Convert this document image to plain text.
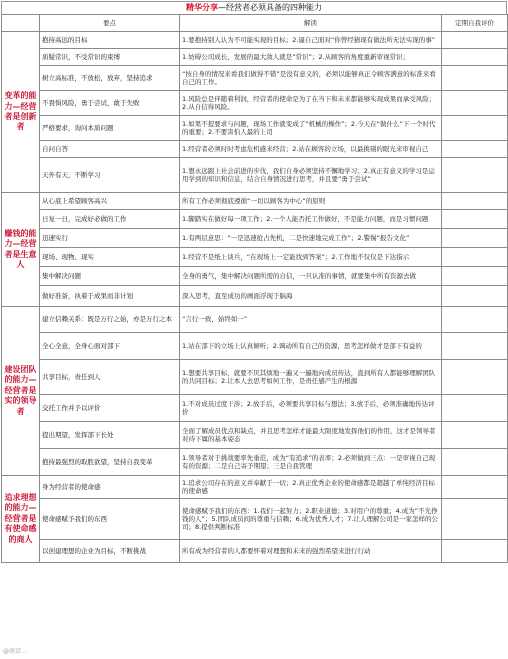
精华分享—经营者必须具备的四种能力
	要点	解读	定期自我评价
变革的能力—经营者是创新者	抱持高远的目标	1.要抱持别人认为不可能实现的目标；2.逼自己面对“你曾经猜现有做法所无法实现的事”	
	质疑常识，不受常识的束缚	1.妨碍公司成长、发展的最大敌人就是”常识”；2.从顾客的角度重新审视常识；	
	树立高标准，不放松，放弃，坚持追求	“按自身的情况来看我们做得不错”是没有意义的，必须以能够真正令顾客满意的标准来看自己的工作。	
	不畏惧风险，勇于尝试，敢于失败	1.风险总是伴随着利润，经营者的使命是为了在当下和未来都能够实现成果而承受风险；2.从自信得风险。	
	严格要求，询问本质问题	1.如果不提要求与问题，现场工作就变成了“机械的操作”；2.今天在“做什么”下一个时代的重要；2.不要害怕人最的上司	
	自问自答	1.经营者必须时时考虑危机感来经营；2.站在顾客的立场，以最挑剔的眼光来审视自己	
	天外有天，不断学习	1.想永远跟上社会前进的步伐，我们自身必须坚持不懈地学习；2.真正有意义的学习是运用学到的知识和信息，结合自身情况进行思考，并且要“勇于尝试”	
赚钱的能力—经营者是生意人	从心底上希望顾客高兴	所有工作必须彻底遵循“一切以顾客为中心”的原则	
	日复一日，完成好必做的工作	1.脚踏实在做好每一项工作；2.一个人能否托工作做好，不是能力问题，而是习惯问题	
	迅速实行	1.有两层意思：“一是迅速抢占先机，二是快速地完成工作”；2.警惕“报告文化”	
	现场、现物、现实	1.经营不是纸上谈兵，“在现场上一定能找到答案”；2.工作地不仅仅是下达指示	
	集中解决问题	全身的勇气，集中解决问题所需的自信，一旦认准的事情，就要集中所有资源去做	
	做好准备，执着于成果而非计划	深入思考，直至成功的画面浮现于脑海	
建设团队的能力—经营者是实的领导者	建立信赖关系：既是万行之始，亦是万行之本	“言行一致，始终如一”	
	全心全意，全身心面对部下	1.站在部下的立场上认真倾听；2.调动所有自己的资源，思考怎样做才是部下有益的	
	共享目标，责任到人	1.想要共享目标，就要不厌其烦地一遍又一遍地向成员传达，直到所有人都能够理解团队的共同目标；2.让本人去思考如何工作，是责任感产生的根源	
	交托工作并予以评价	1.不对成员过度干涉；2.放手后，必须要共享目标与想法；3.放手后，必须准确地传达评价	
	提出期望，发挥部下长处	全面了解成员优点和缺点，并且思考怎样才能最大限度地发挥他们的作用，这才是领导者对待下属的基本姿态	
	抱持最强烈的取胜欲望，坚持自我变革	1.领导者对于挑战要率先垂范，成为“有追求”的表率；2.必须做到三点：一是审视自己现有的资源；二是自己寄予期望；三是自我管理	
追求理想的能力—经营者是有使命感的商人	身为经营者的使命感	1.追求公司存在的意义并奉献于一切；2.真正优秀企业的使命感都是超越了单纯经济目标的使命感	
	使命感赋予我们的东西	使命感赋予我们的东西：1.我们一起努力；2.职业道德；3.对用户的尊重；4.成为“不光挣钱的人”；5.团队成员间的尊重与信赖；6.成为优秀人才；7.让人理解公司是一家怎样的公司；8.提供判断标准	
	以创建理想的企业为目标，不断挑战	所有成为经营者的人都要怀着对理想和未来的强烈希望来进行行动	
@南京…
